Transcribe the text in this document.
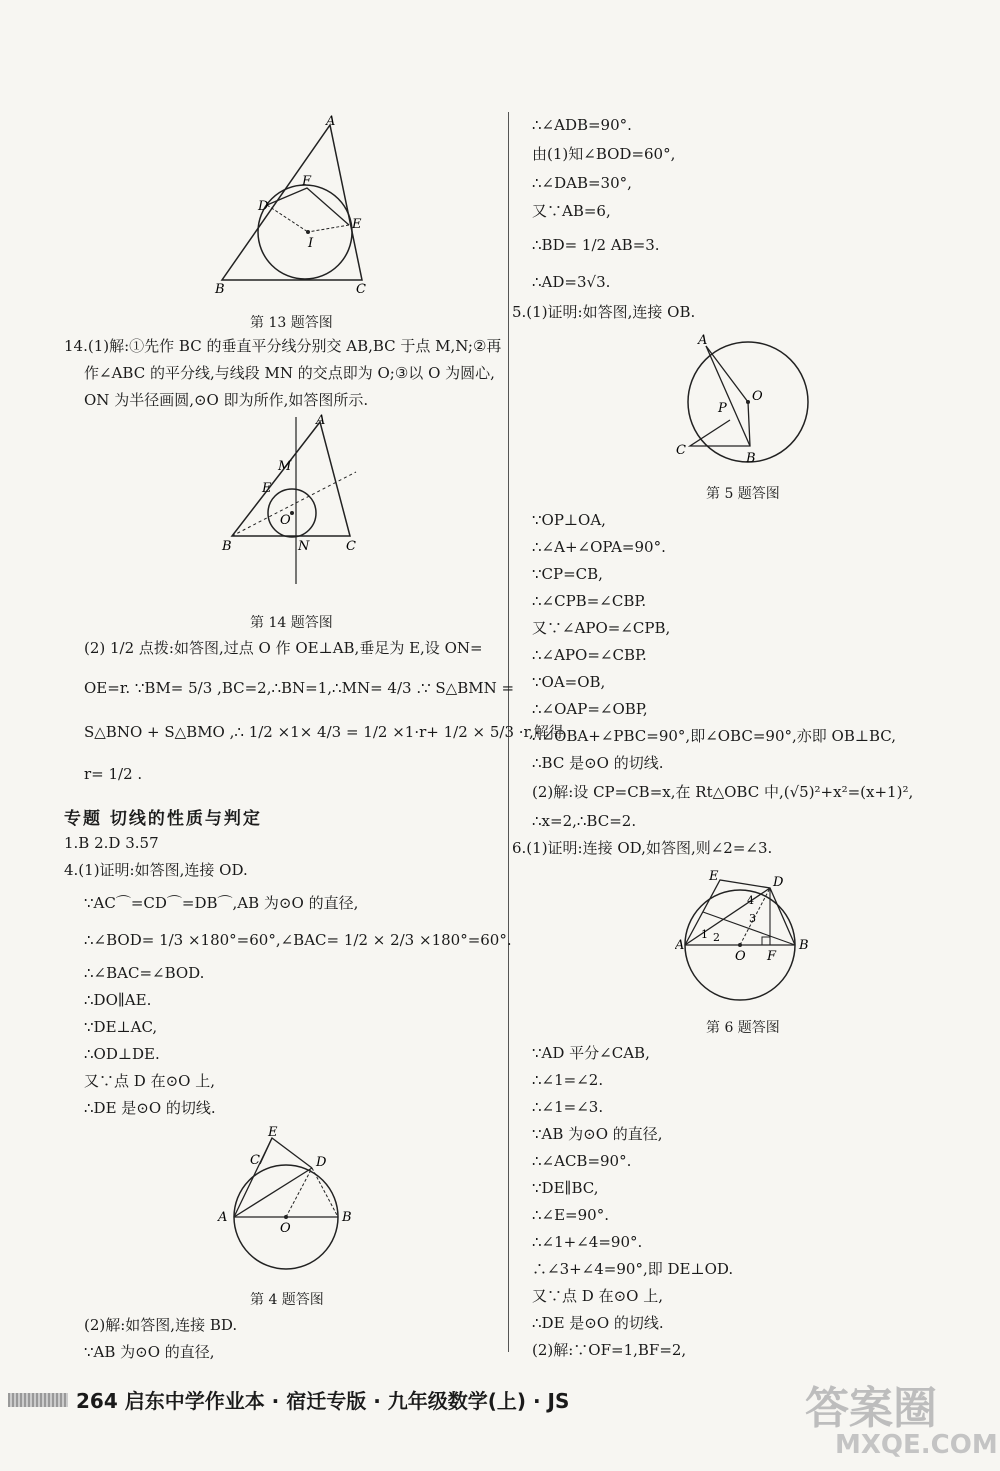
A
B	C
D
E
F
I
第 13 题答图
14.(1)解:①先作 BC 的垂直平分线分别交 AB,BC 于点 M,N;②再
作∠ABC 的平分线,与线段 MN 的交点即为 O;③以 O 为圆心,
ON 为半径画圆,⊙O 即为所作,如答图所示.
A
B	C
M
E
O
N
第 14 题答图
(2) 1/2 点拨:如答图,过点 O 作 OE⊥AB,垂足为 E,设 ON=
OE=r. ∵BM= 5/3 ,BC=2,∴BN=1,∴MN= 4/3 .∵ S△BMN =
S△BNO + S△BMO ,∴ 1/2 ×1× 4/3 = 1/2 ×1·r+ 1/2 × 5/3 ·r,解得
r= 1/2 .
专题 切线的性质与判定
1.B 2.D 3.57
4.(1)证明:如答图,连接 OD.
∵AC⌒=CD⌒=DB⌒,AB 为⊙O 的直径,
∴∠BOD= 1/3 ×180°=60°,∠BAC= 1/2 × 2/3 ×180°=60°.
∴∠BAC=∠BOD.
∴DO∥AE.
∵DE⊥AC,
∴OD⊥DE.
又∵点 D 在⊙O 上,
∴DE 是⊙O 的切线.
A	B
C	D
E
O
第 4 题答图
(2)解:如答图,连接 BD.
∵AB 为⊙O 的直径,
∴∠ADB=90°.
由(1)知∠BOD=60°,
∴∠DAB=30°,
又∵AB=6,
∴BD= 1/2 AB=3.
∴AD=3√3.
5.(1)证明:如答图,连接 OB.
A
O
P
C
B
第 5 题答图
∵OP⊥OA,
∴∠A+∠OPA=90°.
∵CP=CB,
∴∠CPB=∠CBP.
又∵∠APO=∠CPB,
∴∠APO=∠CBP.
∵OA=OB,
∴∠OAP=∠OBP,
∴∠OBA+∠PBC=90°,即∠OBC=90°,亦即 OB⊥BC,
∴BC 是⊙O 的切线.
(2)解:设 CP=CB=x,在 Rt△OBC 中,(√5)²+x²=(x+1)²,
∴x=2,∴BC=2.
6.(1)证明:连接 OD,如答图,则∠2=∠3.
A	B
E	D
O F
1 2
3
4
第 6 题答图
∵AD 平分∠CAB,
∴∠1=∠2.
∴∠1=∠3.
∵AB 为⊙O 的直径,
∴∠ACB=90°.
∵DE∥BC,
∴∠E=90°.
∴∠1+∠4=90°.
∴∠3+∠4=90°,即 DE⊥OD.
又∵点 D 在⊙O 上,
∴DE 是⊙O 的切线.
(2)解:∵OF=1,BF=2,
264 启东中学作业本 · 宿迁专版 · 九年级数学(上) · JS	答案圈
MXQE.COM
